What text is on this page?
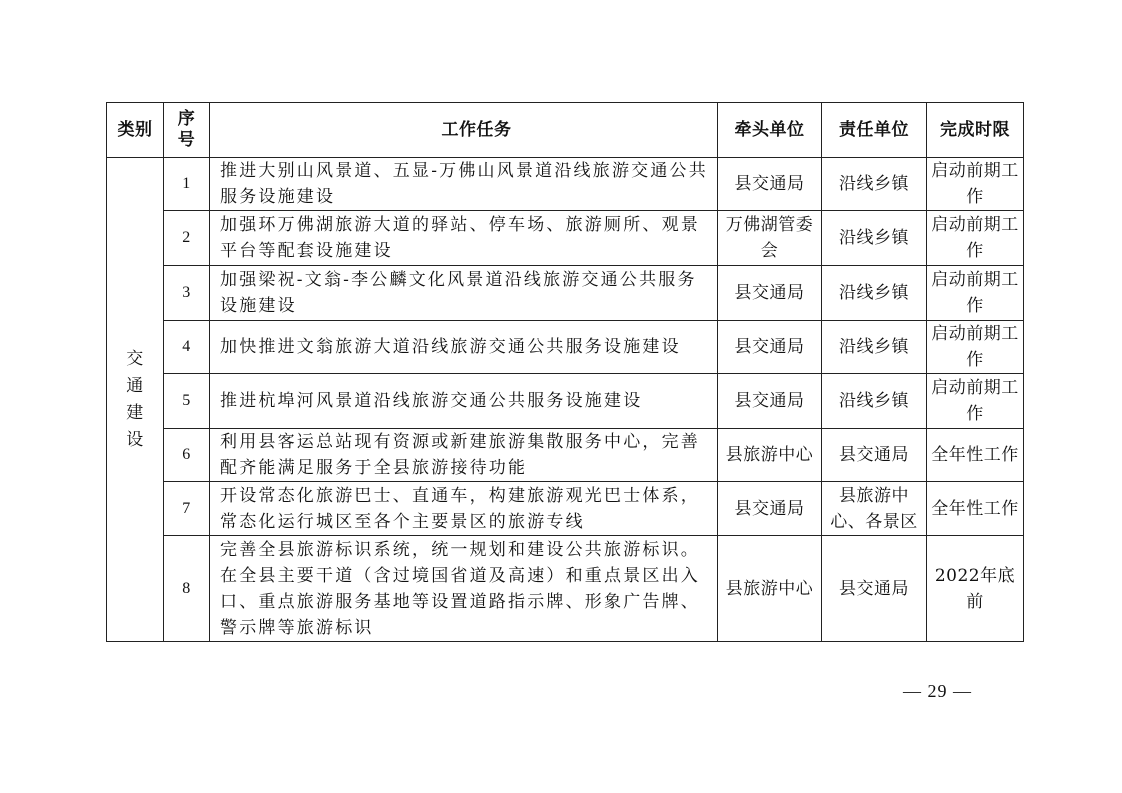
类别	序号	工作任务	牵头单位	责任单位	完成时限
交通建设	1	推进大别山风景道、五显-万佛山风景道沿线旅游交通公共服务设施建设	县交通局	沿线乡镇	启动前期工作
	2	加强环万佛湖旅游大道的驿站、停车场、旅游厕所、观景平台等配套设施建设	万佛湖管委会	沿线乡镇	启动前期工作
	3	加强梁祝-文翁-李公麟文化风景道沿线旅游交通公共服务设施建设	县交通局	沿线乡镇	启动前期工作
	4	加快推进文翁旅游大道沿线旅游交通公共服务设施建设	县交通局	沿线乡镇	启动前期工作
	5	推进杭埠河风景道沿线旅游交通公共服务设施建设	县交通局	沿线乡镇	启动前期工作
	6	利用县客运总站现有资源或新建旅游集散服务中心，完善配齐能满足服务于全县旅游接待功能	县旅游中心	县交通局	全年性工作
	7	开设常态化旅游巴士、直通车，构建旅游观光巴士体系，常态化运行城区至各个主要景区的旅游专线	县交通局	县旅游中心、各景区	全年性工作
	8	完善全县旅游标识系统，统一规划和建设公共旅游标识。在全县主要干道（含过境国省道及高速）和重点景区出入口、重点旅游服务基地等设置道路指示牌、形象广告牌、警示牌等旅游标识	县旅游中心	县交通局	2022年底前
— 29 —
